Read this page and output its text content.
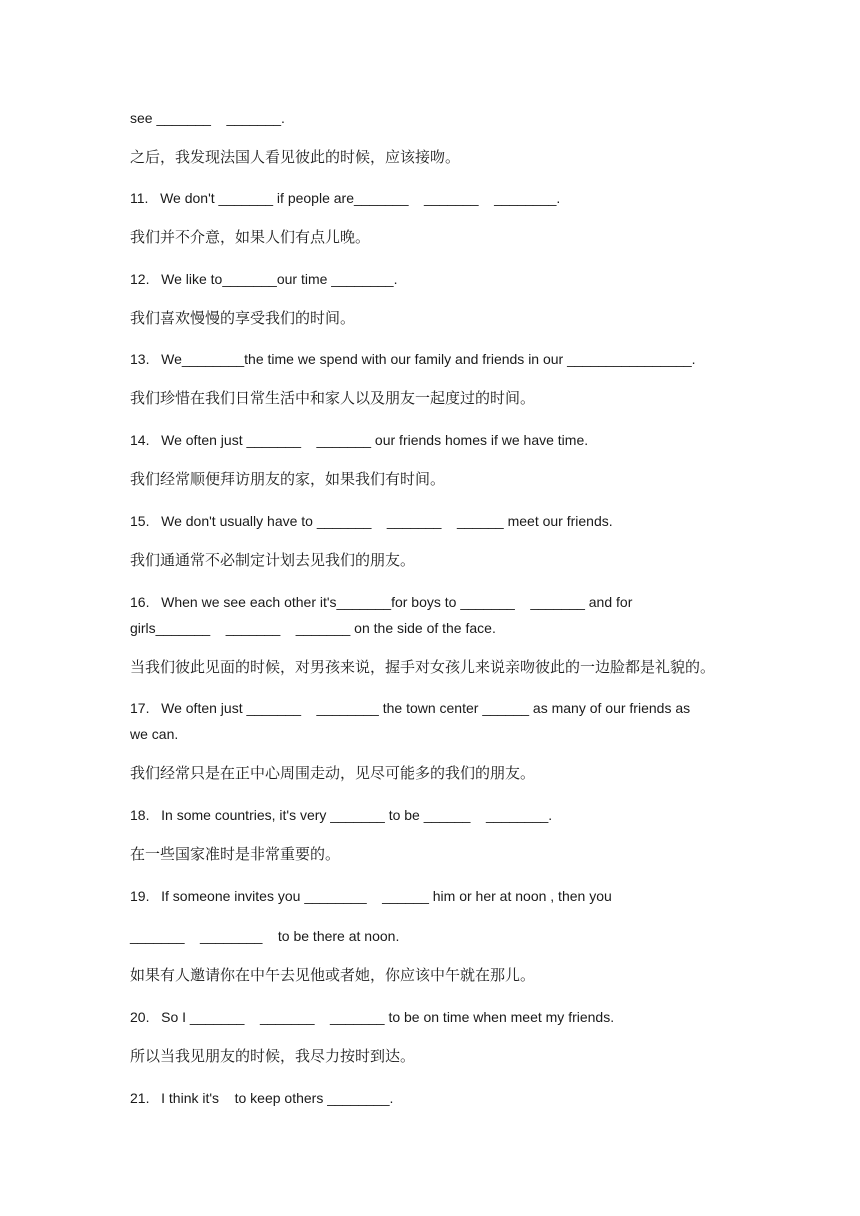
see _______    _______.
之后，我发现法国人看见彼此的时候，应该接吻。
11.   We don't _______ if people are_______    _______    ________.
我们并不介意，如果人们有点儿晚。
12.   We like to_______our time ________.
我们喜欢慢慢的享受我们的时间。
13.   We________the time we spend with our family and friends in our ________________.
我们珍惜在我们日常生活中和家人以及朋友一起度过的时间。
14.   We often just _______    _______ our friends homes if we have time.
我们经常顺便拜访朋友的家，如果我们有时间。
15.   We don't usually have to _______    _______    ______ meet our friends.
我们通通常不必制定计划去见我们的朋友。
16.   When we see each other it's_______for boys to _______    _______ and for
girls_______    _______    _______ on the side of the face.
当我们彼此见面的时候，对男孩来说，握手对女孩儿来说亲吻彼此的一边脸都是礼貌的。
17.   We often just _______    ________ the town center ______ as many of our friends as
we can.
我们经常只是在正中心周围走动，见尽可能多的我们的朋友。
18.   In some countries, it's very _______ to be ______    ________.
在一些国家准时是非常重要的。
19.   If someone invites you ________    ______ him or her at noon , then you
_______    ________    to be there at noon.
如果有人邀请你在中午去见他或者她，你应该中午就在那儿。
20.   So I _______    _______    _______ to be on time when meet my friends.
所以当我见朋友的时候，我尽力按时到达。
21.   I think it's    to keep others ________.
